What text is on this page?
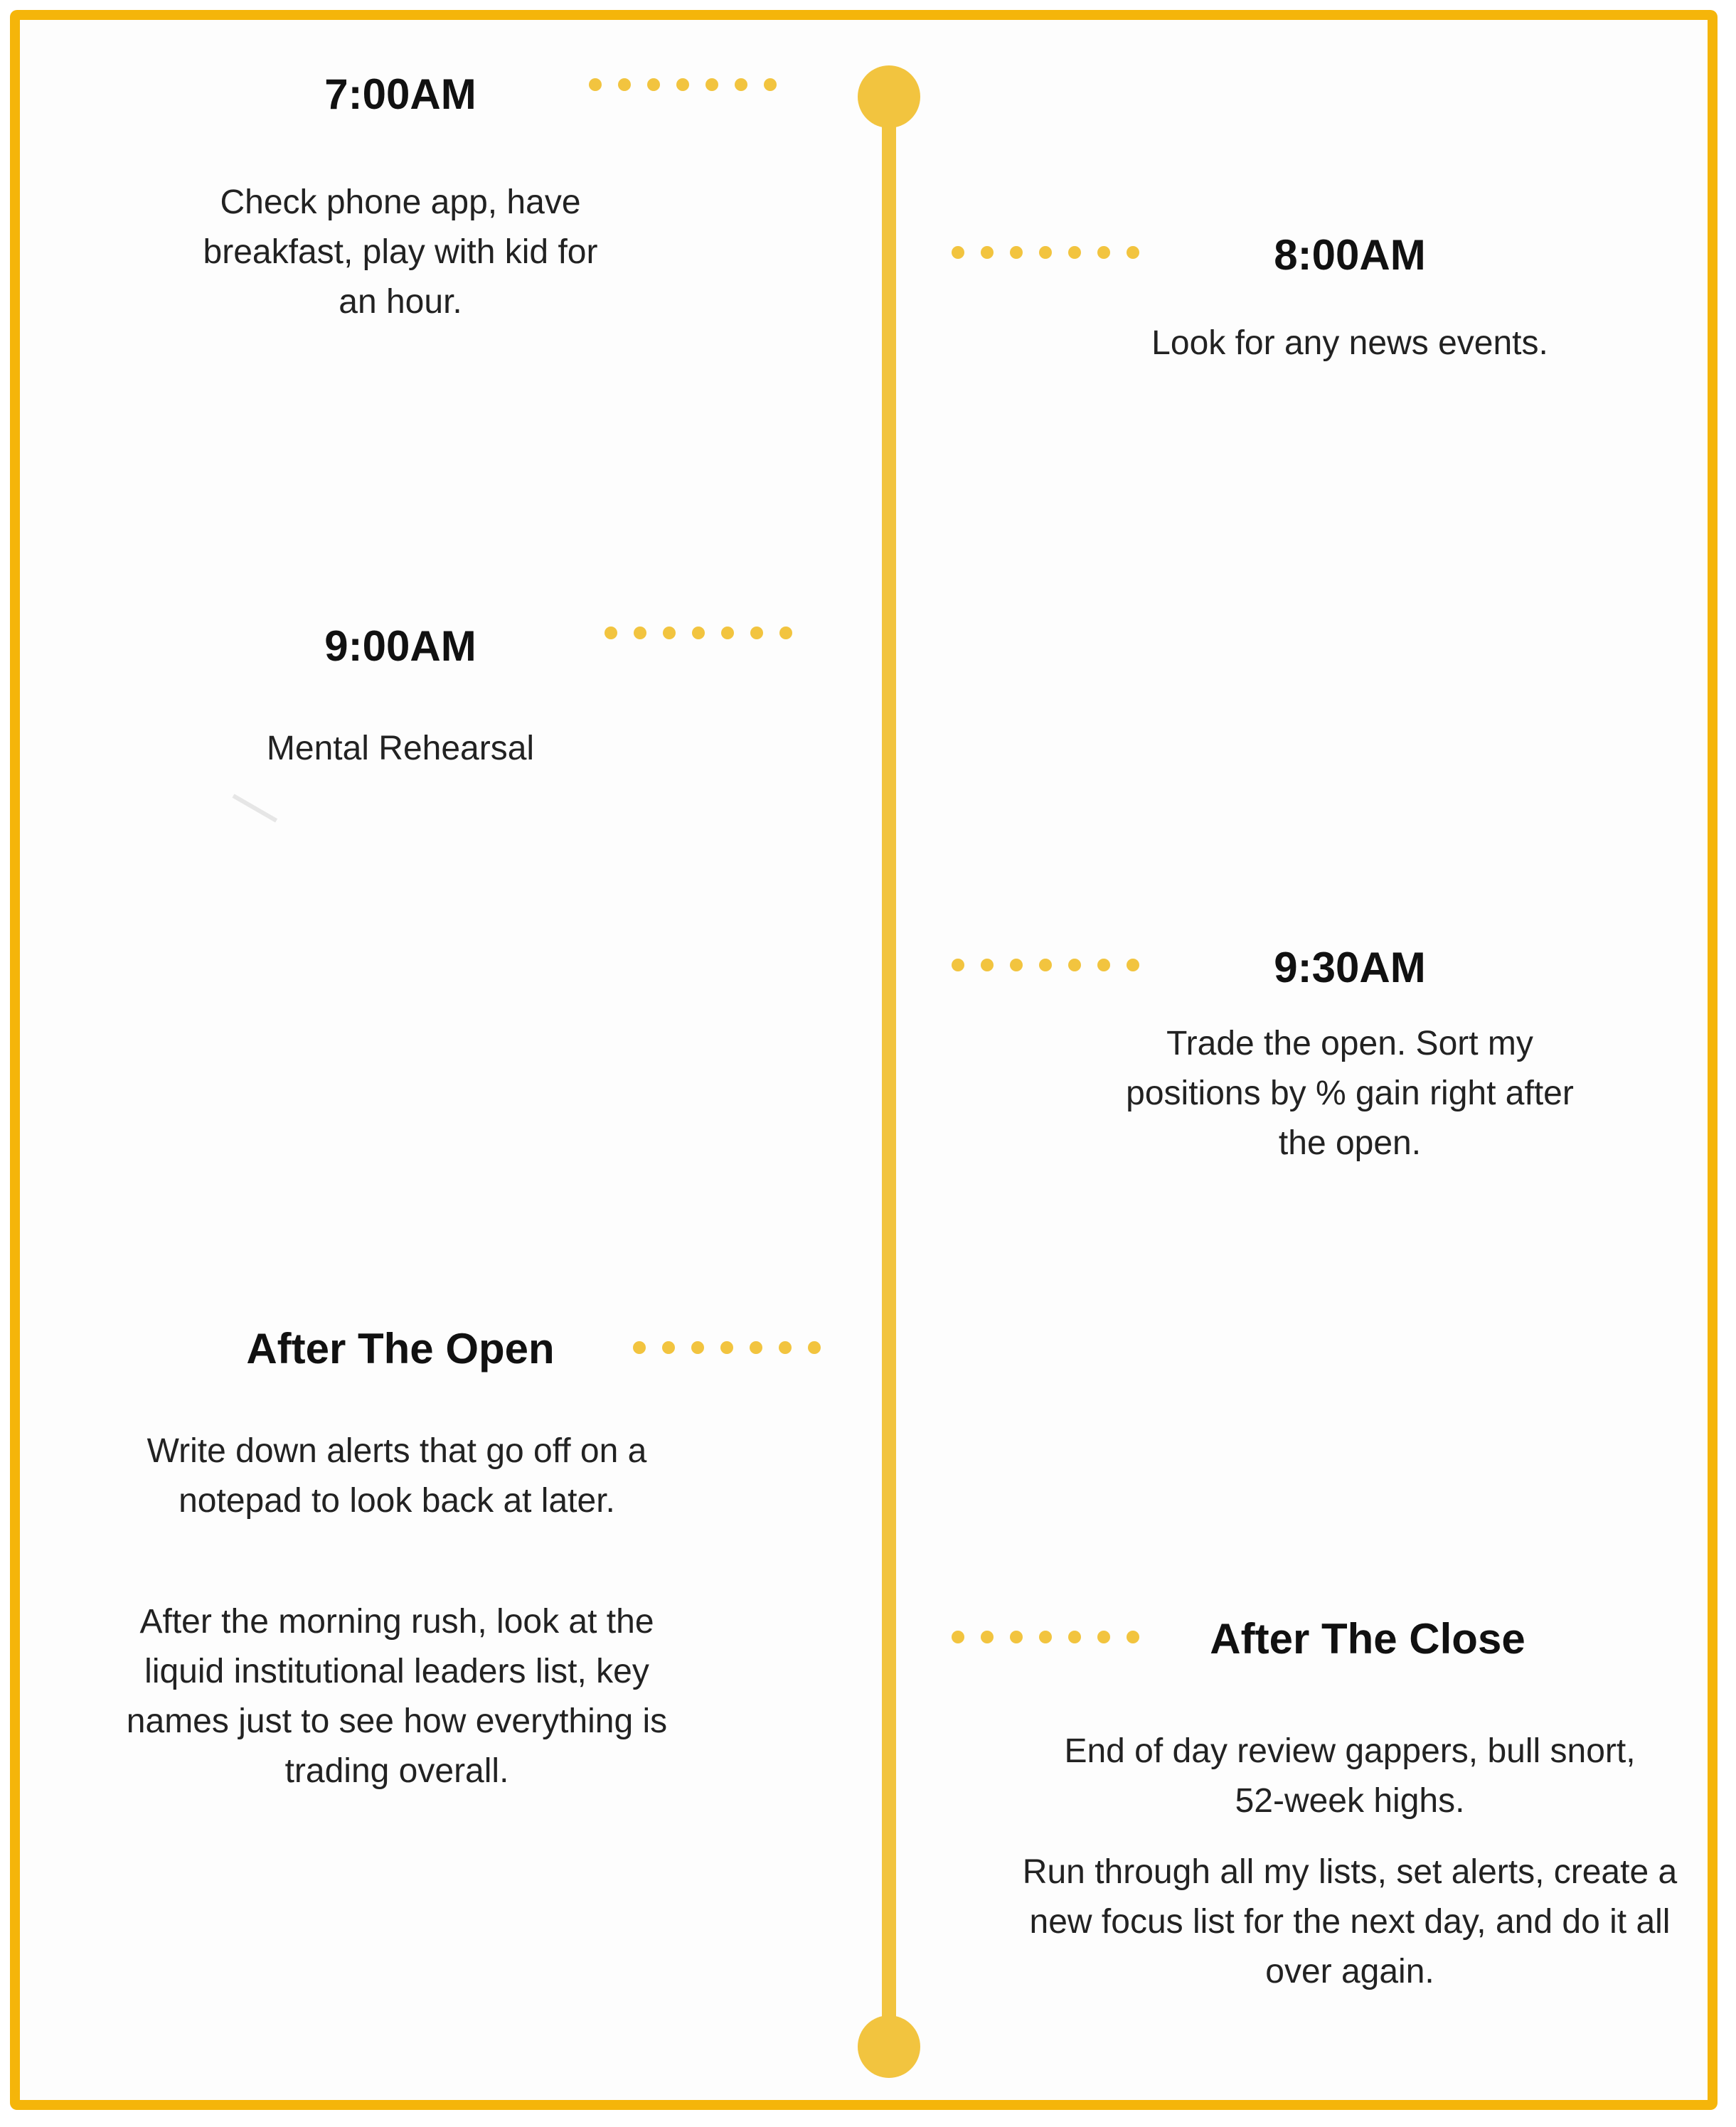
7:00AM
Check phone app, have breakfast, play with kid for an hour.
8:00AM
Look for any news events.
9:00AM
Mental Rehearsal
9:30AM
Trade the open. Sort my positions by % gain right after the open.
After The Open
Write down alerts that go off on a notepad to look back at later.
After the morning rush, look at the liquid institutional leaders list, key names just to see how everything is trading overall.
After The Close
End of day review gappers, bull snort, 52-week highs.
Run through all my lists, set alerts, create a new focus list for the next day, and do it all over again.
